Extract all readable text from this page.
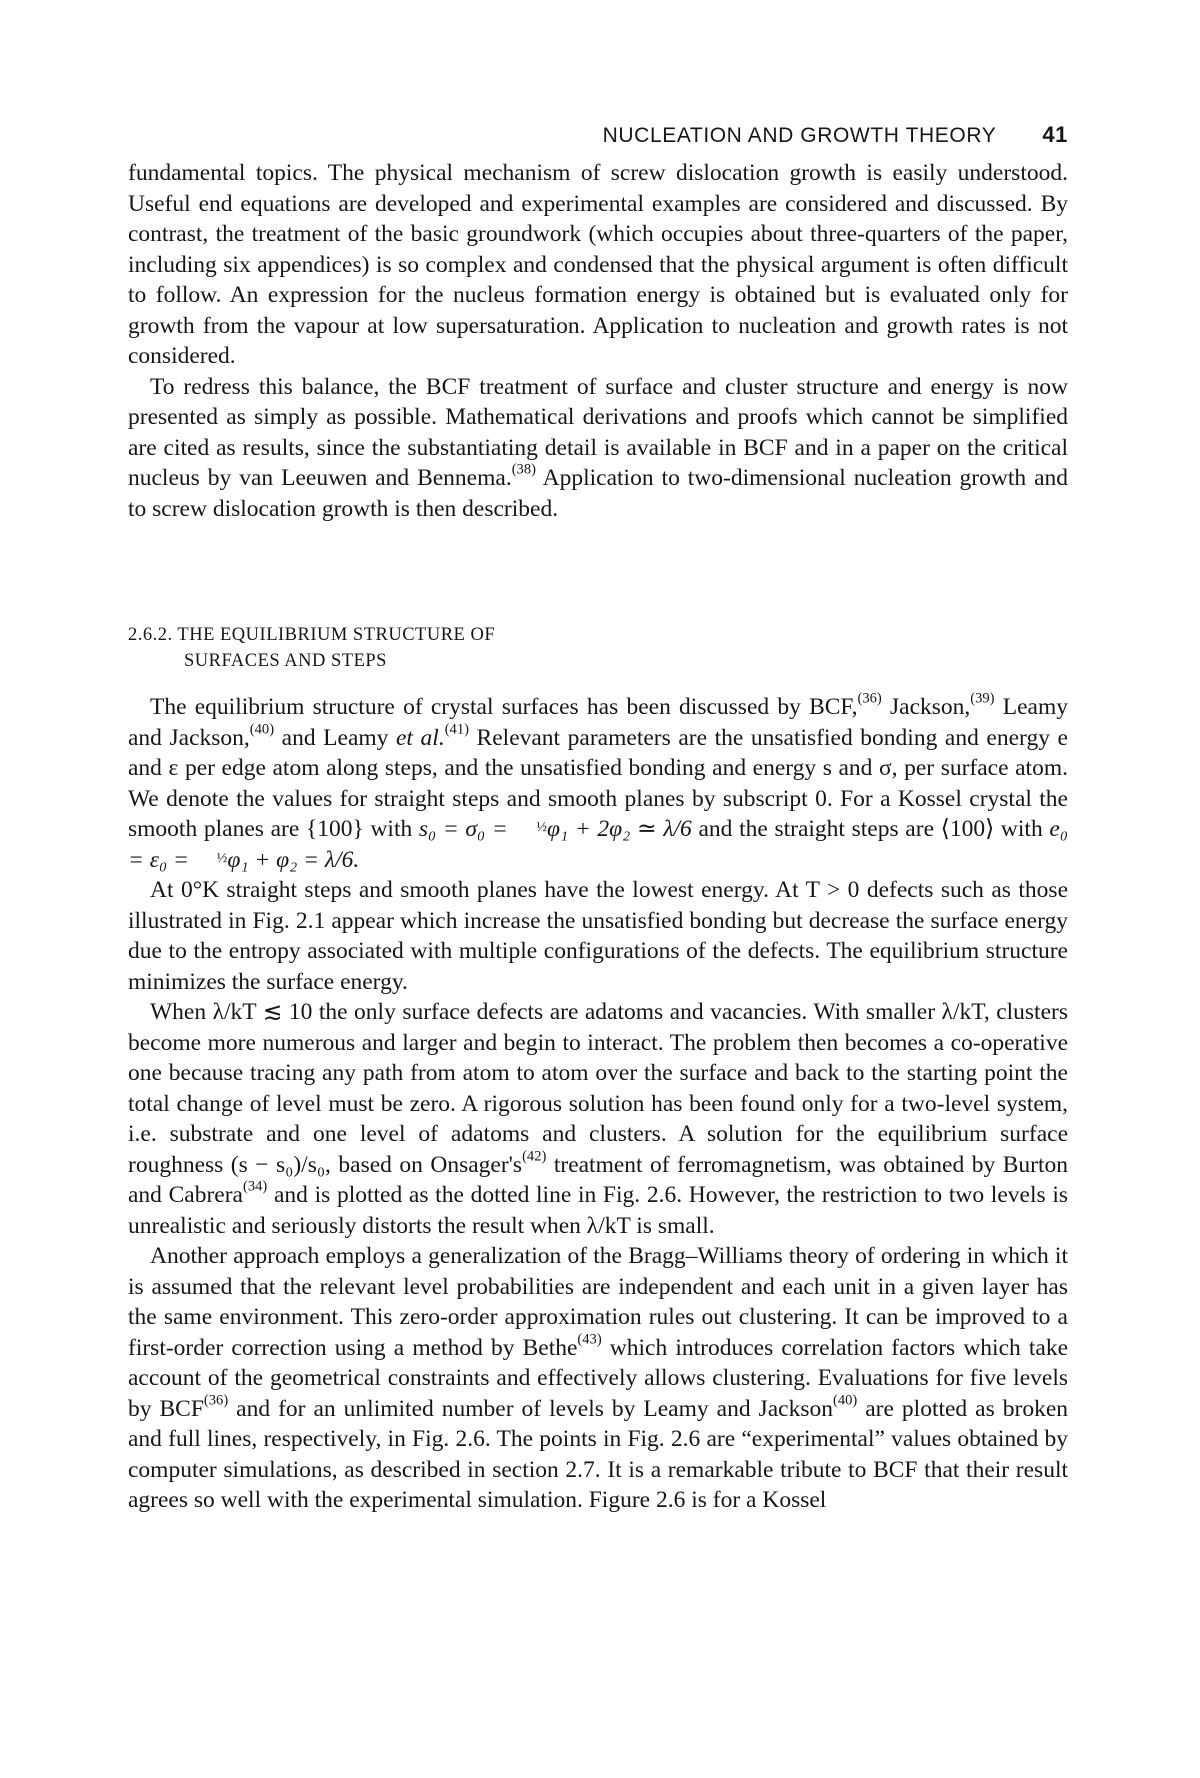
NUCLEATION AND GROWTH THEORY 41

fundamental topics. The physical mechanism of screw dislocation growth is easily understood. Useful end equations are developed and experimental examples are considered and discussed. By contrast, the treatment of the basic groundwork (which occupies about three-quarters of the paper, including six appendices) is so complex and condensed that the physical argument is often difficult to follow. An expression for the nucleus formation energy is obtained but is evaluated only for growth from the vapour at low supersaturation. Application to nucleation and growth rates is not considered.

To redress this balance, the BCF treatment of surface and cluster structure and energy is now presented as simply as possible. Mathematical derivations and proofs which cannot be simplified are cited as results, since the substantiating detail is available in BCF and in a paper on the critical nucleus by van Leeuwen and Bennema.$^{(38)}$ Application to two-dimensional nucleation growth and to screw dislocation growth is then described.

2.6.2. THE EQUILIBRIUM STRUCTURE OF
SURFACES AND STEPS

The equilibrium structure of crystal surfaces has been discussed by BCF,$^{(36)}$ Jackson,$^{(39)}$ Leamy and Jackson,$^{(40)}$ and Leamy et al.$^{(41)}$ Relevant parameters are the unsatisfied bonding and energy e and ε per edge atom along steps, and the unsatisfied bonding and energy s and σ, per surface atom. We denote the values for straight steps and smooth planes by subscript 0. For a Kossel crystal the smooth planes are {100} with s₀ = σ₀ = ½φ₁ + 2φ₂ ≃ λ/6 and the straight steps are ⟨100⟩ with e₀ = ε₀ = ½φ₁ + φ₂ = λ/6.

At 0°K straight steps and smooth planes have the lowest energy. At T > 0 defects such as those illustrated in Fig. 2.1 appear which increase the unsatisfied bonding but decrease the surface energy due to the entropy associated with multiple configurations of the defects. The equilibrium structure minimizes the surface energy.

When λ/kT ≲ 10 the only surface defects are adatoms and vacancies. With smaller λ/kT, clusters become more numerous and larger and begin to interact. The problem then becomes a co-operative one because tracing any path from atom to atom over the surface and back to the starting point the total change of level must be zero. A rigorous solution has been found only for a two-level system, i.e. substrate and one level of adatoms and clusters. A solution for the equilibrium surface roughness (s − s₀)/s₀, based on $Onsager's^{(42)}$ treatment of ferromagnetism, was obtained by Burton and Cabrera$^{(34)}$ and is plotted as the dotted line in Fig. 2.6. However, the restriction to two levels is unrealistic and seriously distorts the result when λ/kT is small.

Another approach employs a generalization of the Bragg–Williams theory of ordering in which it is assumed that the relevant level probabilities are independent and each unit in a given layer has the same environment. This zero-order approximation rules out clustering. It can be improved to a first-order correction using a method by Bethe$^{(43)}$ which introduces correlation factors which take account of the geometrical constraints and effectively allows clustering. Evaluations for five levels by BCF$^{(36)}$ and for an unlimited number of levels by Leamy and Jackson$^{(40)}$ are plotted as broken and full lines, respectively, in Fig. 2.6. The points in Fig. 2.6 are “experimental” values obtained by computer simulations, as described in section 2.7. It is a remarkable tribute to BCF that their result agrees so well with the experimental simulation. Figure 2.6 is for a Kossel
